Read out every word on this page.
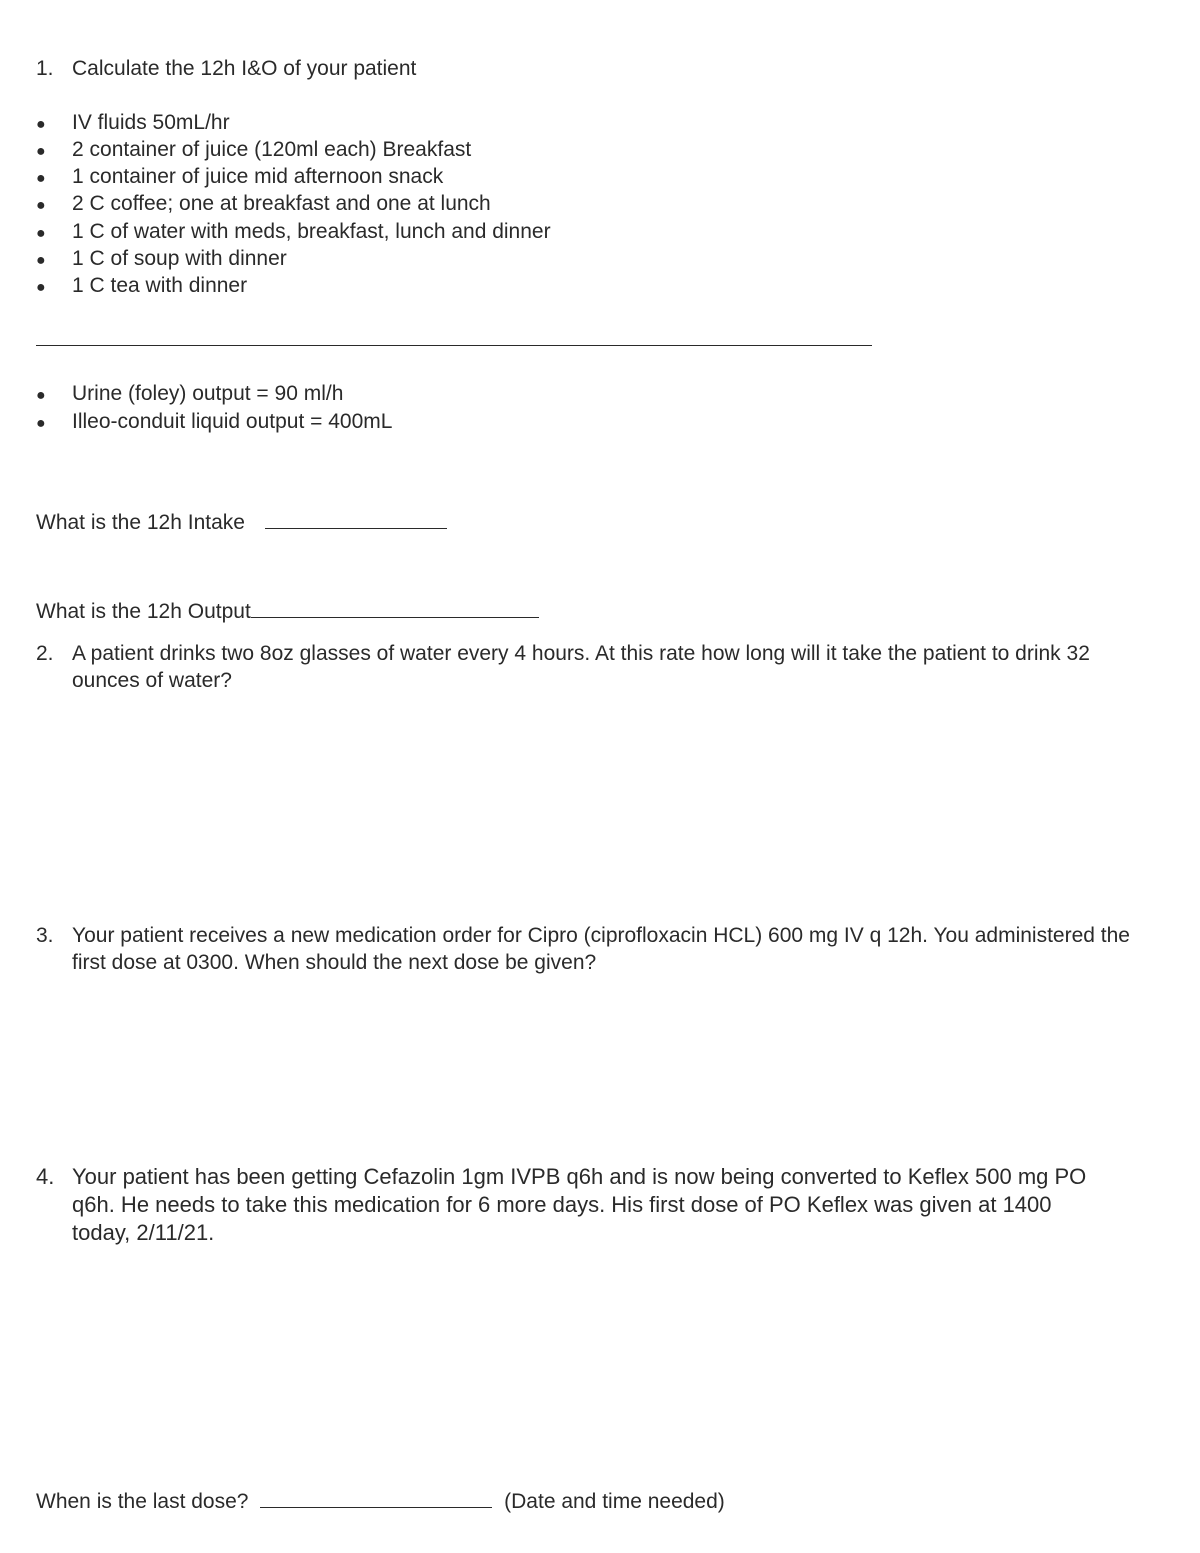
1. Calculate the 12h I&O of your patient
● IV fluids 50mL/hr
● 2 container of juice (120ml each) Breakfast
● 1 container of juice mid afternoon snack
● 2 C coffee; one at breakfast and one at lunch
● 1 C of water with meds, breakfast, lunch and dinner
● 1 C of soup with dinner
● 1 C tea with dinner
● Urine (foley) output = 90 ml/h
● Illeo-conduit liquid output = 400mL
What is the 12h Intake
What is the 12h Output
2. A patient drinks two 8oz glasses of water every 4 hours. At this rate how long will it take the patient to drink 32
ounces of water?
3. Your patient receives a new medication order for Cipro (ciprofloxacin HCL) 600 mg IV q 12h. You administered the
first dose at 0300. When should the next dose be given?
4. Your patient has been getting Cefazolin 1gm IVPB q6h and is now being converted to Keflex 500 mg PO
q6h. He needs to take this medication for 6 more days. His first dose of PO Keflex was given at 1400
today, 2/11/21.
When is the last dose?	(Date and time needed)
